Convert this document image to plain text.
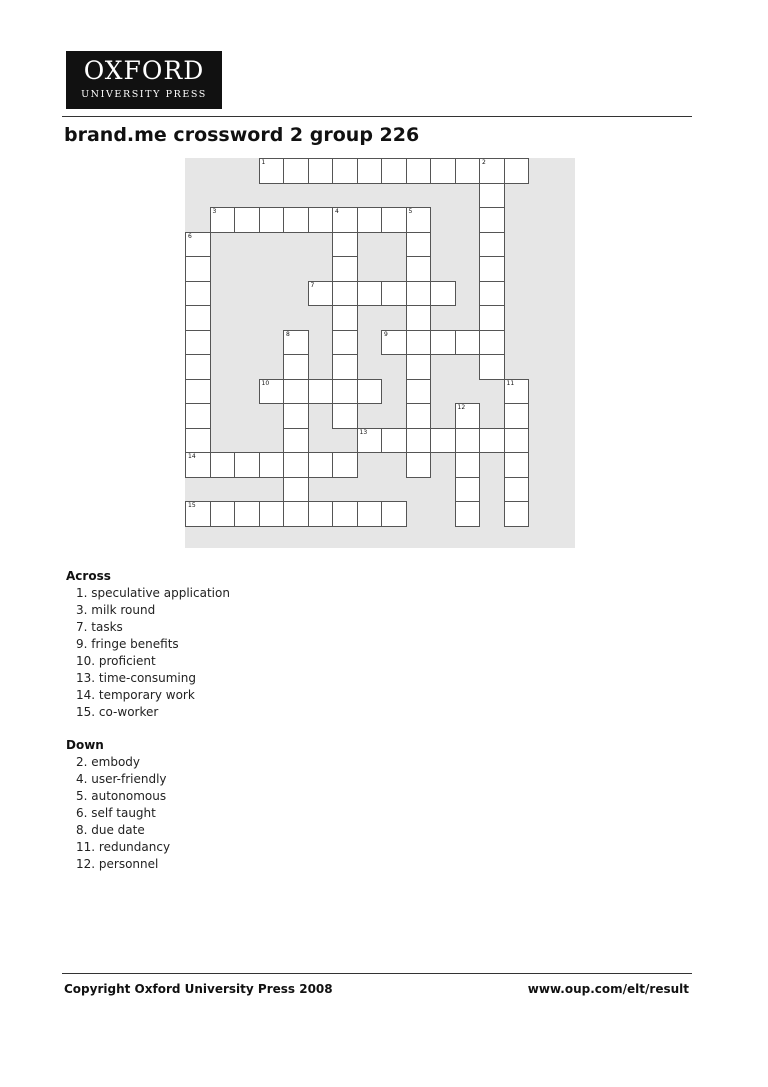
OXFORD
UNIVERSITY PRESS
brand.me crossword 2 group 226
1	2
3	4	5
6
7
8	9
10	11
12
13
14
15
Across
1. speculative application
3. milk round
7. tasks
9. fringe benefits
10. proficient
13. time-consuming
14. temporary work
15. co-worker
Down
2. embody
4. user-friendly
5. autonomous
6. self taught
8. due date
11. redundancy
12. personnel
Copyright Oxford University Press 2008	www.oup.com/elt/result
